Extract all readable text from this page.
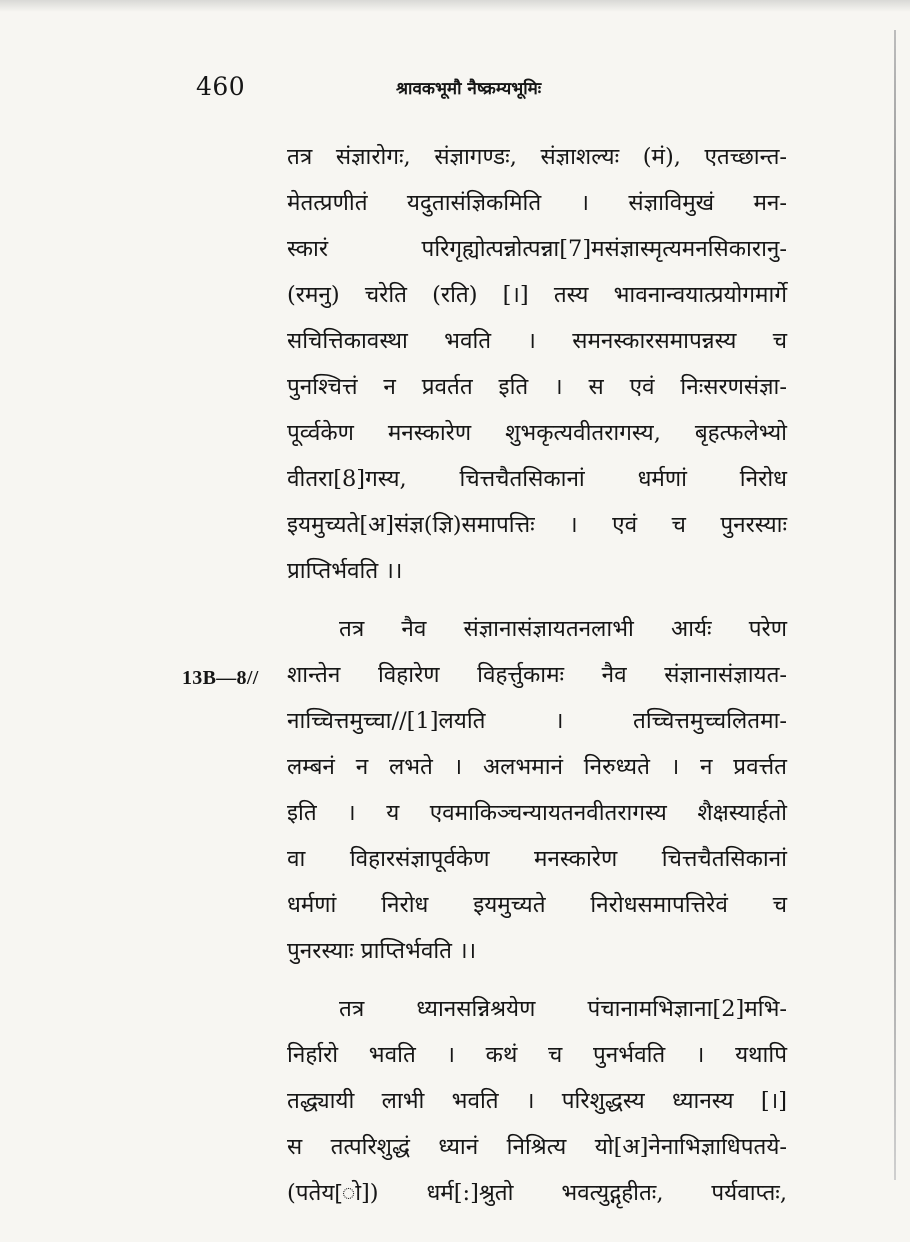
460	श्रावकभूमौ नैष्क्रम्यभूमिः
13B—8//
तत्र संज्ञारोगः, संज्ञागण्डः, संज्ञाशल्यः (मं), एतच्छान्त-
मेतत्प्रणीतं यदुतासंज्ञिकमिति । संज्ञाविमुखं मन-
स्कारं परिगृह्योत्पन्नोत्पन्ना[7]मसंज्ञास्मृत्यमनसिकारानु-
(रमनु) चरेति (रति) [।] तस्य भावनान्वयात्प्रयोगमार्गे
सचित्तिकावस्था भवति । समनस्कारसमापन्नस्य च
पुनश्चित्तं न प्रवर्तत इति । स एवं निःसरणसंज्ञा-
पूर्व्वकेण मनस्कारेण शुभकृत्यवीतरागस्य, बृहत्फलेभ्यो
वीतरा[8]गस्य, चित्तचैतसिकानां धर्मणां निरोध
इयमुच्यते[अ]संज्ञ(ज्ञि)समापत्तिः । एवं च पुनरस्याः
प्राप्तिर्भवति ।।
तत्र नैव संज्ञानासंज्ञायतनलाभी आर्यः परेण
शान्तेन विहारेण विहर्त्तुकामः नैव संज्ञानासंज्ञायत-
नाच्चित्तमुच्चा//[1]लयति । तच्चित्तमुच्चलितमा-
लम्बनं न लभते । अलभमानं निरुध्यते । न प्रवर्त्तत
इति । य एवमाकिञ्चन्यायतनवीतरागस्य शैक्षस्यार्हतो
वा विहारसंज्ञापूर्वकेण मनस्कारेण चित्तचैतसिकानां
धर्मणां निरोध इयमुच्यते निरोधसमापत्तिरेवं च
पुनरस्याः प्राप्तिर्भवति ।।
तत्र ध्यानसन्निश्रयेण पंचानामभिज्ञाना[2]मभि-
निर्हारो भवति । कथं च पुनर्भवति । यथापि
तद्ध्यायी लाभी भवति । परिशुद्धस्य ध्यानस्य [।]
स तत्परिशुद्धं ध्यानं निश्रित्य यो[अ]नेनाभिज्ञाधिपतये-
(पतेय[ो]) धर्म[:]श्रुतो भवत्युद्गृहीतः, पर्यवाप्तः,
